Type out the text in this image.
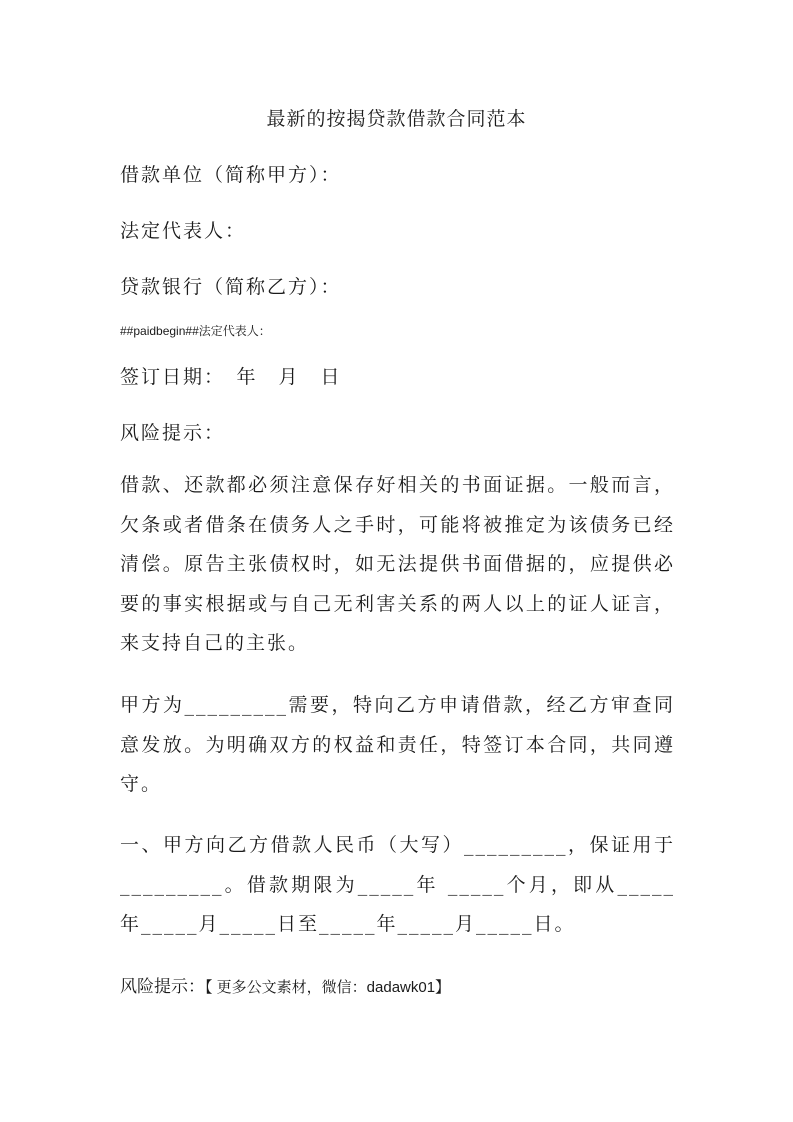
最新的按揭贷款借款合同范本
借款单位（简称甲方）：
法定代表人：
贷款银行（简称乙方）：
##paidbegin##法定代表人：
签订日期：　年　月　日
风险提示：
借款、还款都必须注意保存好相关的书面证据。一般而言，欠条或者借条在债务人之手时，可能将被推定为该债务已经清偿。原告主张债权时，如无法提供书面借据的，应提供必要的事实根据或与自己无利害关系的两人以上的证人证言，来支持自己的主张。
甲方为_________需要，特向乙方申请借款，经乙方审查同意发放。为明确双方的权益和责任，特签订本合同，共同遵守。
一、甲方向乙方借款人民币（大写）_________，保证用于_________。借款期限为_____年 _____个月，即从_____年_____月_____日至_____年_____月_____日。
风险提示：【 更多公文素材，微信：dadawk01】
